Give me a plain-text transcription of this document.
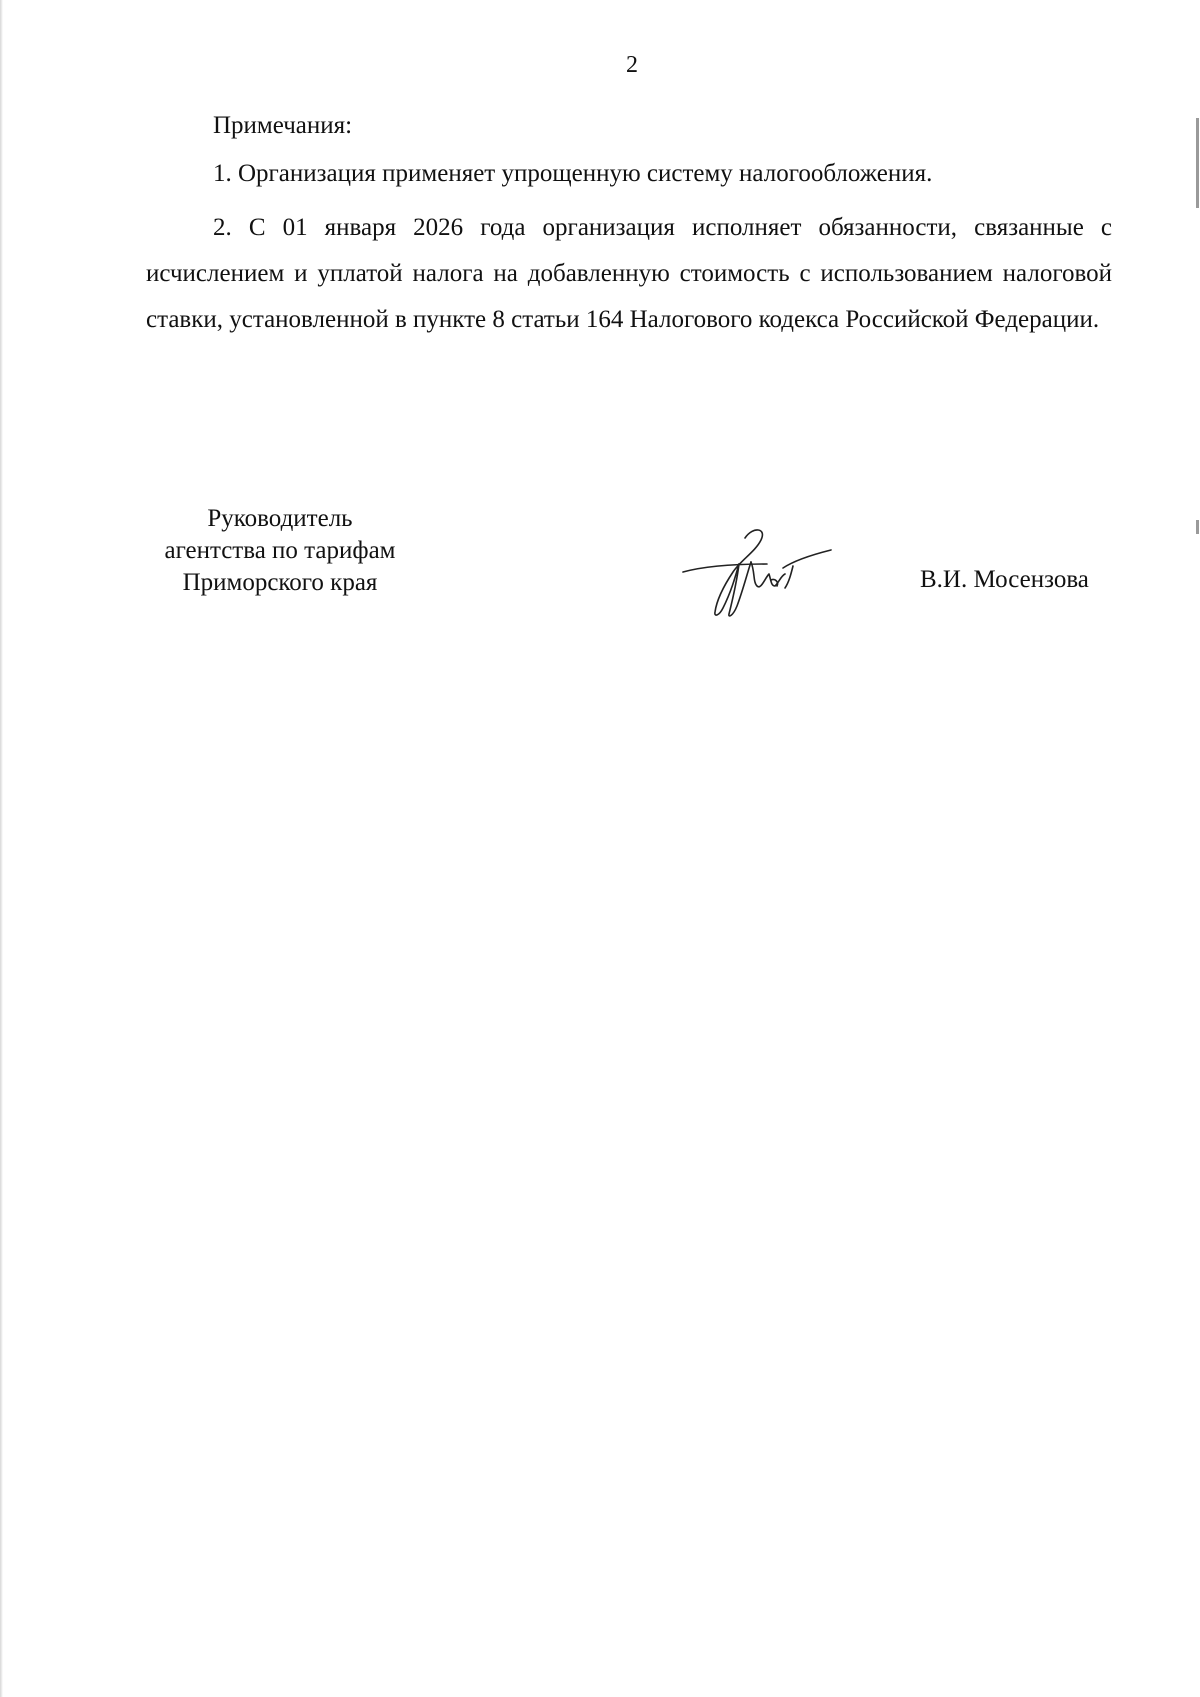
2
Примечания:
1. Организация применяет упрощенную систему налогообложения.

2. С 01 января 2026 года организация исполняет обязанности, связанные с исчислением и уплатой налога на добавленную стоимость с использованием налоговой ставки, установленной в пункте 8 статьи 164 Налогового кодекса Российской Федерации.

Руководитель
агентства по тарифам
Приморского края	В.И. Мосензова
